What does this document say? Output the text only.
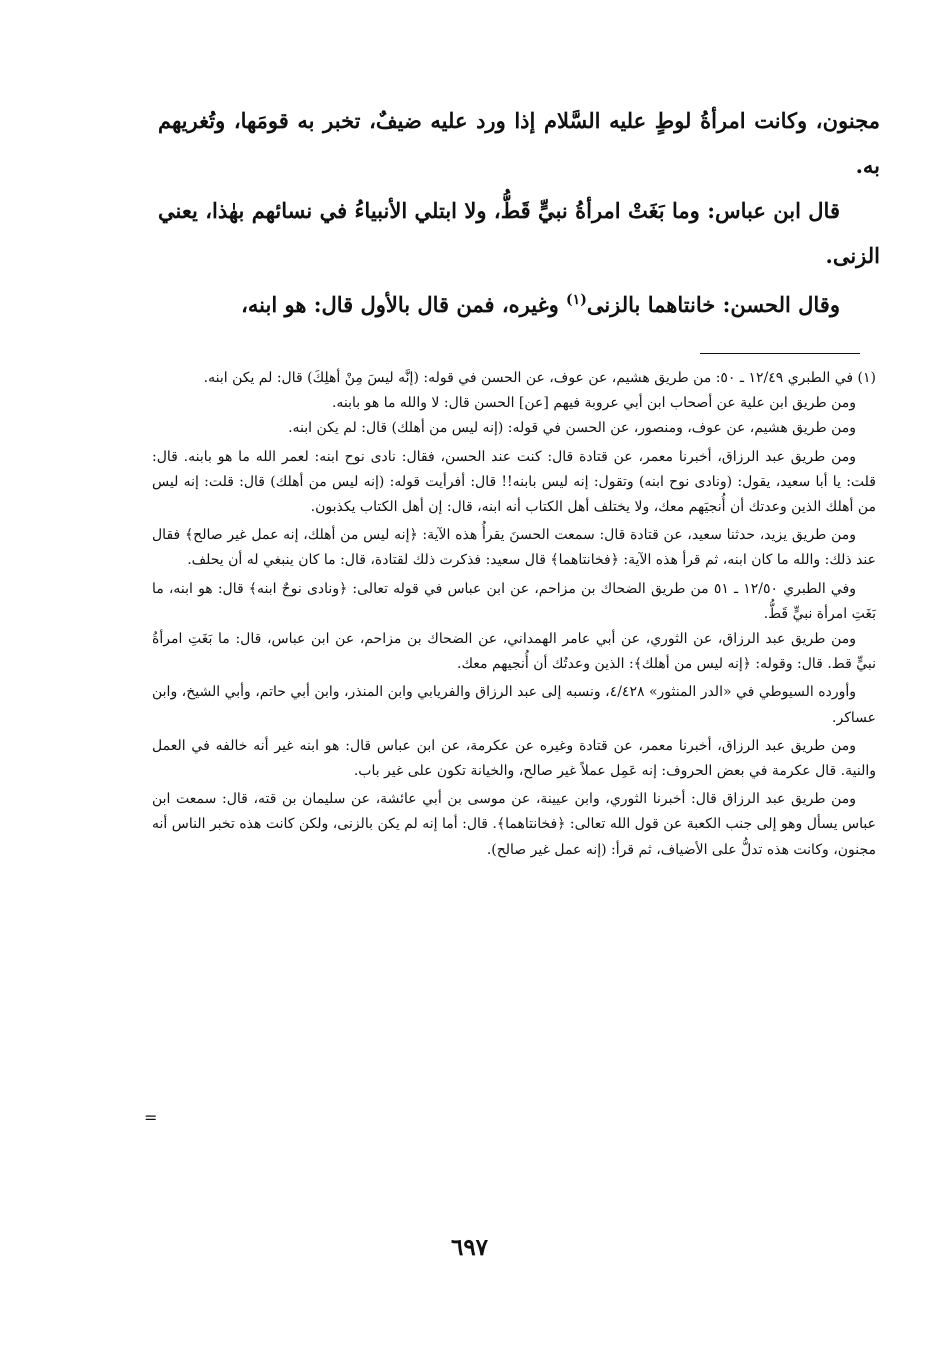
مجنون، وكانت امرأةُ لوطٍ عليه السَّلام إذا ورد عليه ضيفٌ، تخبر به قومَها، وتُغريهم به.

قال ابن عباس: وما بَغَتْ امرأةُ نبيٍّ قَطُّ، ولا ابتلي الأنبياءُ في نسائهم بهٰذا، يعني الزنى.

وقال الحسن: خانتاهما بالزنى$^{(١)}$ وغيره، فمن قال بالأول قال: هو ابنه،

(١) في الطبري ١٢/٤٩ ـ ٥٠: من طريق هشيم، عن عوف، عن الحسن في قوله: (إنَّه ليسَ مِنْ أهلِكَ) قال: لم يكن ابنه.

ومن طريق ابن علية عن أصحاب ابن أبي عروبة فيهم [عن] الحسن قال: لا والله ما هو بابنه.

ومن طريق هشيم، عن عوف، ومنصور، عن الحسن في قوله: (إنه ليس من أهلك) قال: لم يكن ابنه.

ومن طريق عبد الرزاق، أخبرنا معمر، عن قتادة قال: كنت عند الحسن، فقال: نادى نوح ابنه: لعمر الله ما هو بابنه. قال: قلت: يا أبا سعيد، يقول: (ونادى نوح ابنه) وتقول: إنه ليس بابنه!! قال: أفرأيت قوله: (إنه ليس من أهلك) قال: قلت: إنه ليس من أهلك الذين وعدتك أن أُنجيَهم معك، ولا يختلف أهل الكتاب أنه ابنه، قال: إن أهل الكتاب يكذبون.

ومن طريق يزيد، حدثنا سعيد، عن قتادة قال: سمعت الحسنَ يقرأُ هذه الآية: ﴿إنه ليس من أهلك، إنه عمل غير صالح﴾ فقال عند ذلك: والله ما كان ابنه، ثم قرأ هذه الآية: ﴿فخانتاهما﴾ قال سعيد: فذكرت ذلك لقتادة، قال: ما كان ينبغي له أن يحلف.

وفي الطبري ١٢/٥٠ ـ ٥١ من طريق الضحاك بن مزاحم، عن ابن عباس في قوله تعالى: ﴿ونادى نوحٌ ابنه﴾ قال: هو ابنه، ما بَغَتِ امرأة نبيٍّ قَطُّ.

ومن طريق عبد الرزاق، عن الثوري، عن أبي عامر الهمداني، عن الضحاك بن مزاحم، عن ابن عباس، قال: ما بَغَتِ امرأةُ نبيٍّ قط. قال: وقوله: ﴿إنه ليس من أهلك﴾: الذين وعدتُك أن أُنجيهم معك.

وأورده السيوطي في «الدر المنثور» ٤/٤٢٨، ونسبه إلى عبد الرزاق والفريابي وابن المنذر، وابن أبي حاتم، وأبي الشيخ، وابن عساكر.

ومن طريق عبد الرزاق، أخبرنا معمر، عن قتادة وغيره عن عكرمة، عن ابن عباس قال: هو ابنه غير أنه خالفه في العمل والنية. قال عكرمة في بعض الحروف: إنه عَمِل عملاً غير صالح، والخيانة تكون على غير باب.

ومن طريق عبد الرزاق قال: أخبرنا الثوري، وابن عيينة، عن موسى بن أبي عائشة، عن سليمان بن قته، قال: سمعت ابن عباس يسأل وهو إلى جنب الكعبة عن قول الله تعالى: ﴿فخانتاهما﴾. قال: أما إنه لم يكن بالزنى، ولكن كانت هذه تخبر الناس أنه مجنون، وكانت هذه تدلُّ على الأضياف، ثم قرأ: (إنه عمل غير صالح).

=
٦٩٧
